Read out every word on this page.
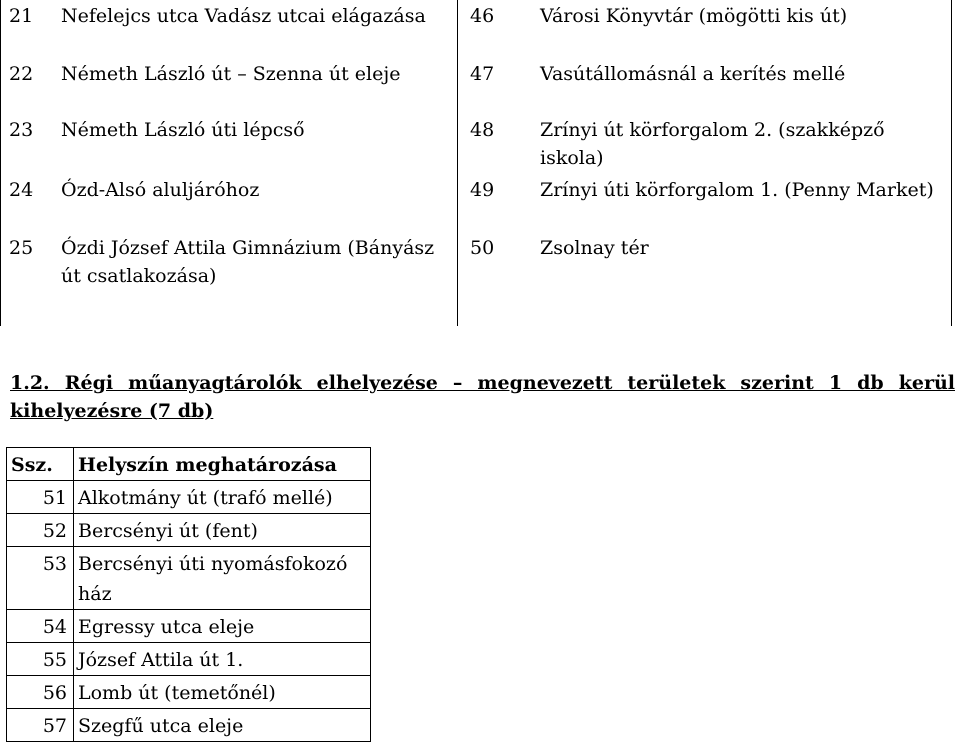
21	Nefelejcs utca Vadász utcai elágazása	46	Városi Könyvtár (mögötti kis út)
22	Németh László út – Szenna út eleje	47	Vasútállomásnál a kerítés mellé
23	Németh László úti lépcső	48	Zrínyi út körforgalom 2. (szakképző iskola)
24	Ózd-Alsó aluljáróhoz	49	Zrínyi úti körforgalom 1. (Penny Market)
25	Ózdi József Attila Gimnázium (Bányász út csatlakozása)	50	Zsolnay tér
1.2. Régi műanyagtárolók elhelyezése – megnevezett területek szerint 1 db kerül kihelyezésre (7 db)
Ssz.	Helyszín meghatározása
51	Alkotmány út (trafó mellé)
52	Bercsényi út (fent)
53	Bercsényi úti nyomásfokozó ház
54	Egressy utca eleje
55	József Attila út 1.
56	Lomb út (temetőnél)
57	Szegfű utca eleje
